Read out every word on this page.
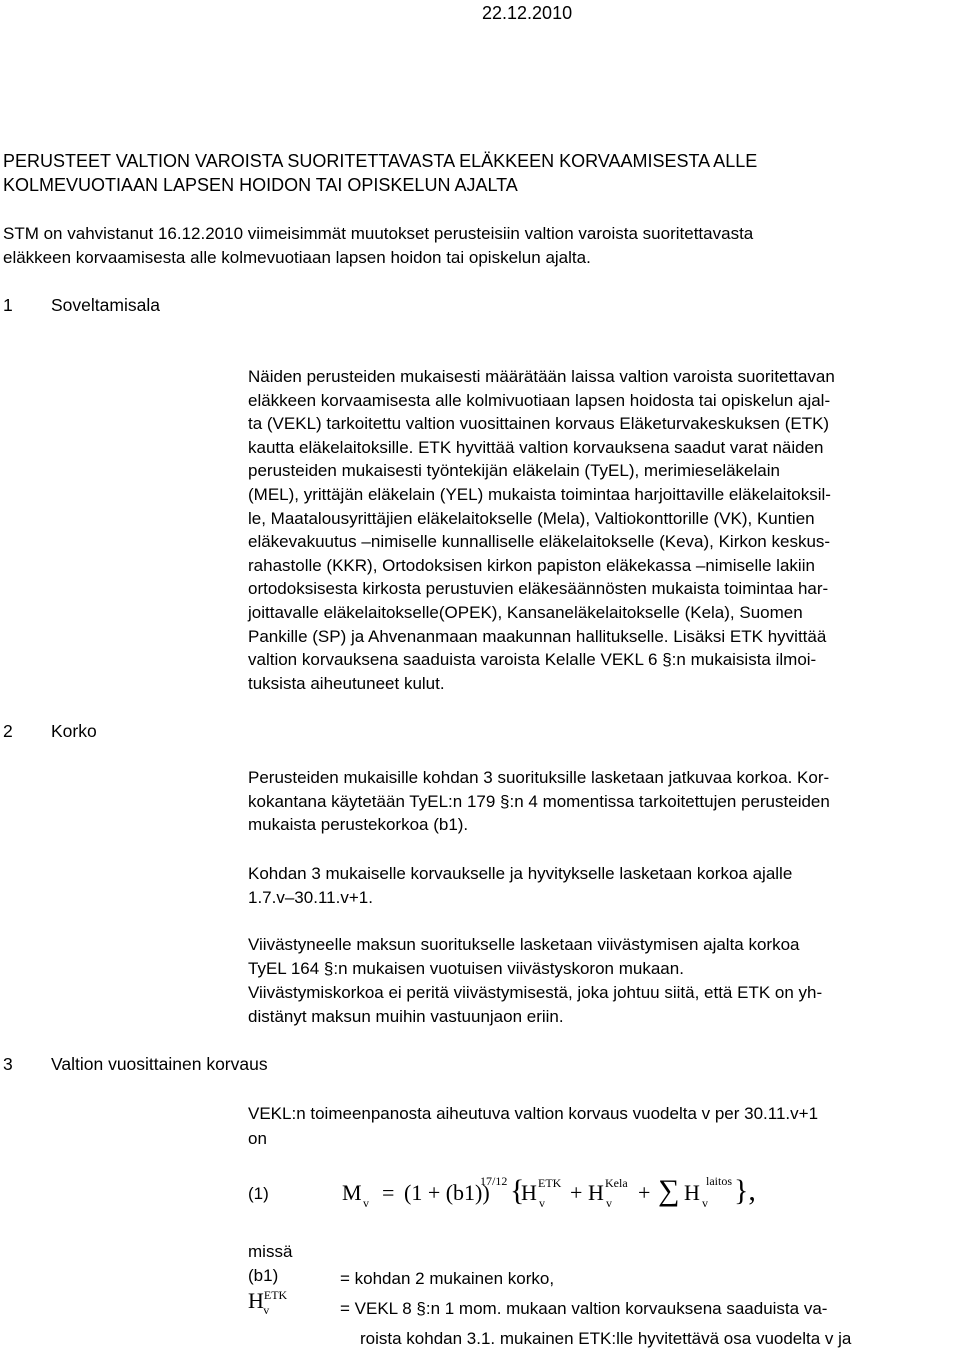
22.12.2010
PERUSTEET VALTION VAROISTA SUORITETTAVASTA ELÄKKEEN KORVAAMISESTA ALLE
KOLMEVUOTIAAN LAPSEN HOIDON TAI OPISKELUN AJALTA
STM on vahvistanut 16.12.2010 viimeisimmät muutokset perusteisiin valtion varoista suoritettavasta
eläkkeen korvaamisesta alle kolmevuotiaan lapsen hoidon tai opiskelun ajalta.
1 Soveltamisala
Näiden perusteiden mukaisesti määrätään laissa valtion varoista suoritettavan
eläkkeen korvaamisesta alle kolmivuotiaan lapsen hoidosta tai opiskelun ajal-
ta (VEKL) tarkoitettu valtion vuosittainen korvaus Eläketurvakeskuksen (ETK)
kautta eläkelaitoksille. ETK hyvittää valtion korvauksena saadut varat näiden
perusteiden mukaisesti työntekijän eläkelain (TyEL), merimieseläkelain
(MEL), yrittäjän eläkelain (YEL) mukaista toimintaa harjoittaville eläkelaitoksil-
le, Maatalousyrittäjien eläkelaitokselle (Mela), Valtiokonttorille (VK), Kuntien
eläkevakuutus –nimiselle kunnalliselle eläkelaitokselle (Keva), Kirkon keskus-
rahastolle (KKR), Ortodoksisen kirkon papiston eläkekassa –nimiselle lakiin
ortodoksisesta kirkosta perustuvien eläkesäännösten mukaista toimintaa har-
joittavalle eläkelaitokselle(OPEK), Kansaneläkelaitokselle (Kela), Suomen
Pankille (SP) ja Ahvenanmaan maakunnan hallitukselle. Lisäksi ETK hyvittää
valtion korvauksena saaduista varoista Kelalle VEKL 6 §:n mukaisista ilmoi-
tuksista aiheutuneet kulut.
2 Korko
Perusteiden mukaisille kohdan 3 suorituksille lasketaan jatkuvaa korkoa. Kor-
kokantana käytetään TyEL:n 179 §:n 4 momentissa tarkoitettujen perusteiden
mukaista perustekorkoa (b1).
Kohdan 3 mukaiselle korvaukselle ja hyvitykselle lasketaan korkoa ajalle
1.7.v–30.11.v+1.
Viivästyneelle maksun suoritukselle lasketaan viivästymisen ajalta korkoa
TyEL 164 §:n mukaisen vuotuisen viivästyskoron mukaan.
Viivästymiskorkoa ei peritä viivästymisestä, joka johtuu siitä, että ETK on yh-
distänyt maksun muihin vastuunjaon eriin.
3 Valtion vuosittainen korvaus
VEKL:n toimeenpanosta aiheutuva valtion korvaus vuodelta v per 30.11.v+1
on
(1)	M v = (1 + (b1))
17/12 {
H ETK
v + H Kela
v + ∑ H laitos
v },
missä
(b1)
$H^{ETK}_v$
= kohdan 2 mukainen korko,
= VEKL 8 §:n 1 mom. mukaan valtion korvauksena saaduista va-
roista kohdan 3.1. mukainen ETK:lle hyvitettävä osa vuodelta v ja
